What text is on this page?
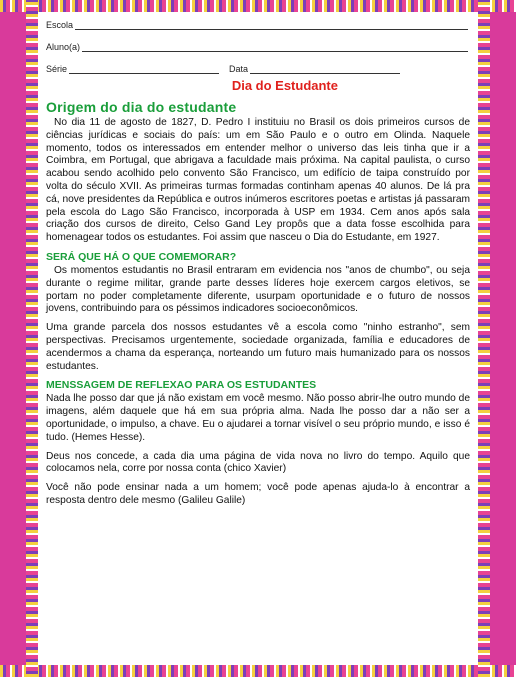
Escola
Aluno(a)
Série	Data
Dia do Estudante
Origem do dia do estudante

No dia 11 de agosto de 1827, D. Pedro I instituiu no Brasil os dois primeiros cursos de ciências jurídicas e sociais do país: um em São Paulo e o outro em Olinda. Naquele momento, todos os interessados em entender melhor o universo das leis tinha que ir a Coimbra, em Portugal, que abrigava a faculdade mais próxima. Na capital paulista, o curso acabou sendo acolhido pelo convento São Francisco, um edifício de taipa construído por volta do século XVII. As primeiras turmas formadas continham apenas 40 alunos. De lá pra cá, nove presidentes da República e outros inúmeros escritores poetas e artistas já passaram pela escola do Lago São Francisco, incorporada à USP em 1934. Cem anos após sala criação dos cursos de direito, Celso Gand Ley propôs que a data fosse escolhida para homenagear todos os estudantes. Foi assim que nasceu o Dia do Estudante, em 1927.

SERÁ QUE HÁ O QUE COMEMORAR?

Os momentos estudantis no Brasil entraram em evidencia nos "anos de chumbo", ou seja durante o regime militar, grande parte desses líderes hoje exercem cargos eletivos, se portam no poder completamente diferente, usurpam oportunidade e o futuro de nossos jovens, contribuindo para os péssimos indicadores socioeconômicos.

Uma grande parcela dos nossos estudantes vê a escola como "ninho estranho", sem perspectivas. Precisamos urgentemente, sociedade organizada, família e educadores de acendermos a chama da esperança, norteando um futuro mais humanizado para os nossos estudantes.

MENSSAGEM DE REFLEXAO PARA OS ESTUDANTES

Nada lhe posso dar que já não existam em você mesmo. Não posso abrir-lhe outro mundo de imagens, além daquele que há em sua própria alma. Nada lhe posso dar a não ser a oportunidade, o impulso, a chave. Eu o ajudarei a tornar visível o seu próprio mundo, e isso é tudo. (Hemes Hesse).

Deus nos concede, a cada dia uma página de vida nova no livro do tempo. Aquilo que colocamos nela, corre por nossa conta (chico Xavier)

Você não pode ensinar nada a um homem; você pode apenas ajuda-lo à encontrar a resposta dentro dele mesmo (Galileu Galile)
